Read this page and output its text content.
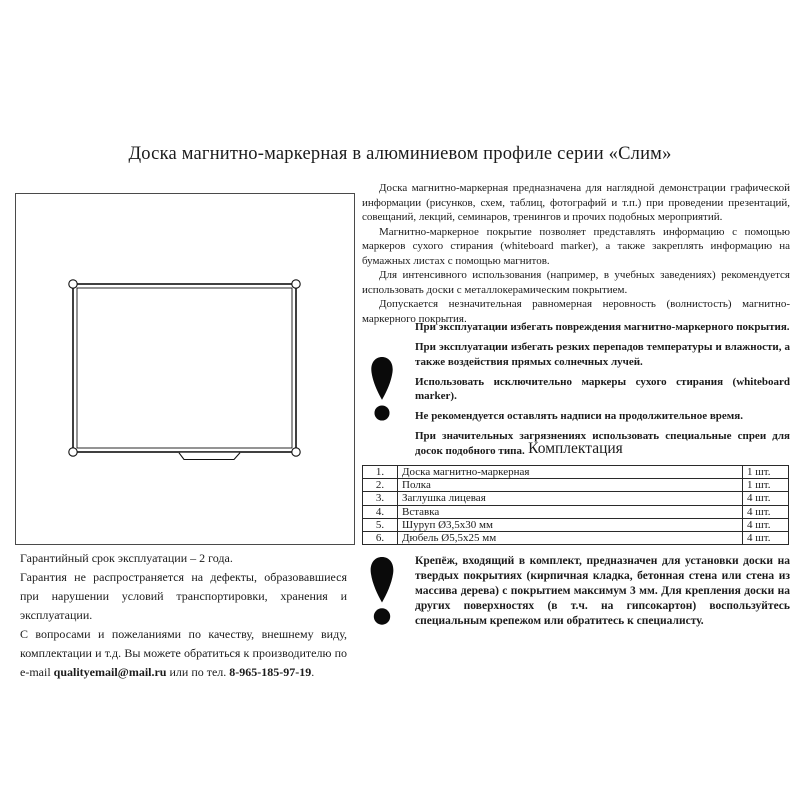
Доска магнитно-маркерная в алюминиевом профиле серии «Слим»

Доска магнитно-маркерная предназначена для наглядной демонстрации графической информации (рисунков, схем, таблиц, фотографий и т.п.) при проведении презентаций, совещаний, лекций, семинаров, тренингов и прочих подобных мероприятий.

Магнитно-маркерное покрытие позволяет представлять информацию с помощью маркеров сухого стирания (whiteboard marker), а также закреплять информацию на бумажных листах с помощью магнитов.

Для интенсивного использования (например, в учебных заведениях) рекомендуется использовать доски с металлокерамическим покрытием.

Допускается незначительная равномерная неровность (волнистость) магнитно-маркерного покрытия.

При эксплуатации избегать повреждения магнитно-маркерного покрытия.

При эксплуатации избегать резких перепадов температуры и влажности, а также воздействия прямых солнечных лучей.

Использовать исключительно маркеры сухого стирания (whiteboard marker).

Не рекомендуется оставлять надписи на продолжительное время.

При значительных загрязнениях использовать специальные спреи для досок подобного типа. Комплектация
1.	Доска магнитно-маркерная	1 шт.
2.	Полка	1 шт.
3.	Заглушка лицевая	4 шт.
4.	Вставка	4 шт.
5.	Шуруп Ø3,5x30 мм	4 шт.
6.	Дюбель Ø5,5x25 мм	4 шт.
Крепёж, входящий в комплект, предназначен для установки доски на твердых покрытиях (кирпичная кладка, бетонная стена или стена из массива дерева) с покрытием максимум 3 мм. Для крепления доски на других поверхностях (в т.ч. на гипсокартон) воспользуйтесь специальным крепежом или обратитесь к специалисту.

Гарантийный срок эксплуатации – 2 года.

Гарантия не распространяется на дефекты, образовавшиеся при нарушении условий транспортировки, хранения и эксплуатации.

С вопросами и пожеланиями по качеству, внешнему виду, комплектации и т.д. Вы можете обратиться к производителю по e-mail qualityemail@mail.ru или по тел. 8-965-185-97-19.
